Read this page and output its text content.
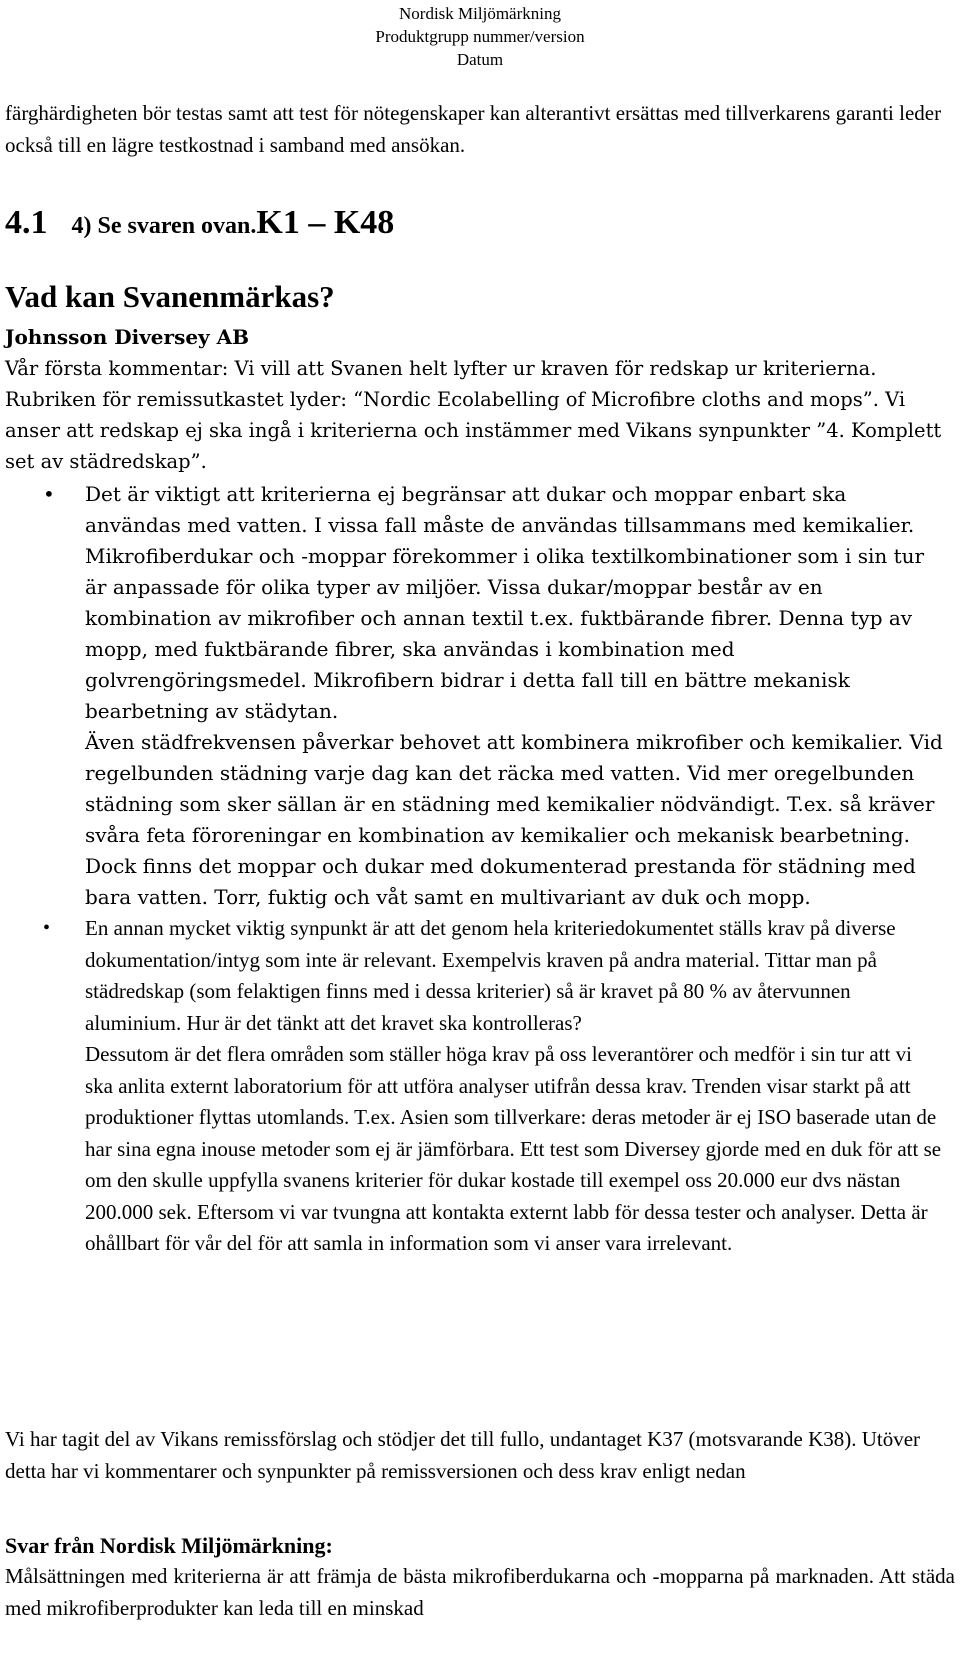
Nordisk Miljömärkning
Produktgrupp nummer/version
Datum
färghärdigheten bör testas samt att test för nötegenskaper kan alterantivt ersättas med tillverkarens garanti leder också till en lägre testkostnad i samband med ansökan.
4.1 4) Se svaren ovan.K1 – K48
Vad kan Svanenmärkas?
Johnsson Diversey AB
Vår första kommentar: Vi vill att Svanen helt lyfter ur kraven för redskap ur kriterierna. Rubriken för remissutkastet lyder: “Nordic Ecolabelling of Microfibre cloths and mops”. Vi anser att redskap ej ska ingå i kriterierna och instämmer med Vikans synpunkter ”4. Komplett set av städredskap”.
• Det är viktigt att kriterierna ej begränsar att dukar och moppar enbart ska användas med vatten. I vissa fall måste de användas tillsammans med kemikalier. Mikrofiberdukar och -moppar förekommer i olika textilkombinationer som i sin tur är anpassade för olika typer av miljöer. Vissa dukar/moppar består av en kombination av mikrofiber och annan textil t.ex. fuktbärande fibrer. Denna typ av mopp, med fuktbärande fibrer, ska användas i kombination med golvrengöringsmedel. Mikrofibern bidrar i detta fall till en bättre mekanisk bearbetning av städytan.

Även städfrekvensen påverkar behovet att kombinera mikrofiber och kemikalier. Vid regelbunden städning varje dag kan det räcka med vatten. Vid mer oregelbunden städning som sker sällan är en städning med kemikalier nödvändigt. T.ex. så kräver svåra feta föroreningar en kombination av kemikalier och mekanisk bearbetning. Dock finns det moppar och dukar med dokumenterad prestanda för städning med bara vatten. Torr, fuktig och våt samt en multivariant av duk och mopp.

• En annan mycket viktig synpunkt är att det genom hela kriteriedokumentet ställs krav på diverse dokumentation/intyg som inte är relevant. Exempelvis kraven på andra material. Tittar man på städredskap (som felaktigen finns med i dessa kriterier) så är kravet på 80 % av återvunnen aluminium. Hur är det tänkt att det kravet ska kontrolleras?

Dessutom är det flera områden som ställer höga krav på oss leverantörer och medför i sin tur att vi ska anlita externt laboratorium för att utföra analyser utifrån dessa krav. Trenden visar starkt på att produktioner flyttas utomlands. T.ex. Asien som tillverkare: deras metoder är ej ISO baserade utan de har sina egna inouse metoder som ej är jämförbara. Ett test som Diversey gjorde med en duk för att se om den skulle uppfylla svanens kriterier för dukar kostade till exempel oss 20.000 eur dvs nästan 200.000 sek. Eftersom vi var tvungna att kontakta externt labb för dessa tester och analyser. Detta är ohållbart för vår del för att samla in information som vi anser vara irrelevant.

Vi har tagit del av Vikans remissförslag och stödjer det till fullo, undantaget K37 (motsvarande K38). Utöver detta har vi kommentarer och synpunkter på remissversionen och dess krav enligt nedan
Svar från Nordisk Miljömärkning:
Målsättningen med kriterierna är att främja de bästa mikrofiberdukarna och -mopparna på marknaden. Att städa med mikrofiberprodukter kan leda till en minskad
